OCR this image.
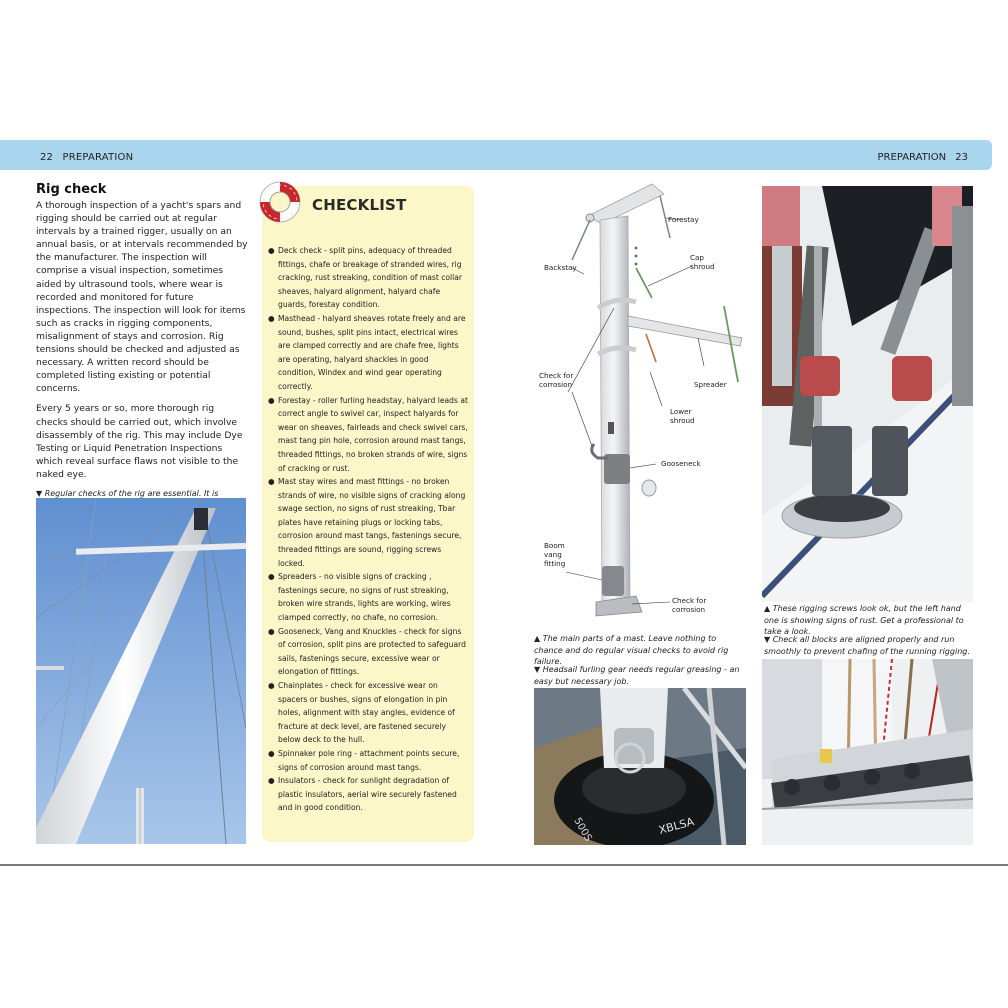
22 PREPARATION	PREPARATION 23
Rig check

A thorough inspection of a yacht's spars and rigging should be carried out at regular intervals by a trained rigger, usually on an annual basis, or at intervals recommended by the manufacturer. The inspection will comprise a visual inspection, sometimes aided by ultrasound tools, where wear is recorded and monitored for future inspections. The inspection will look for items such as cracks in rigging components, misalignment of stays and corrosion. Rig tensions should be checked and adjusted as necessary. A written record should be completed listing existing or potential concerns.

Every 5 years or so, more thorough rig checks should be carried out, which involve disassembly of the rig. This may include Dye Testing or Liquid Penetration Inspections which reveal surface flaws not visible to the naked eye.

▼ Regular checks of the rig are essential. It is

CHECKLIST
● Deck check - split pins, adequacy of threaded fittings, chafe or breakage of stranded wires, rig cracking, rust streaking, condition of mast collar sheaves, halyard alignment, halyard chafe guards, forestay condition.
● Masthead - halyard sheaves rotate freely and are sound, bushes, split pins intact, electrical wires are clamped correctly and are chafe free, lights are operating, halyard shackles in good condition, Windex and wind gear operating correctly.
● Forestay - roller furling headstay, halyard leads at correct angle to swivel car, inspect halyards for wear on sheaves, fairleads and check swivel cars, mast tang pin hole, corrosion around mast tangs, threaded fittings, no broken strands of wire, signs of cracking or rust.
● Mast stay wires and mast fittings - no broken strands of wire, no visible signs of cracking along swage section, no signs of rust streaking, Tbar plates have retaining plugs or locking tabs, corrosion around mast tangs, fastenings secure, threaded fittings are sound, rigging screws locked.
● Spreaders - no visible signs of cracking , fastenings secure, no signs of rust streaking, broken wire strands, lights are working, wires clamped correctly, no chafe, no corrosion.
● Gooseneck, Vang and Knuckles - check for signs of corrosion, split pins are protected to safeguard sails, fastenings secure, excessive wear or elongation of fittings.
● Chainplates - check for excessive wear on spacers or bushes, signs of elongation in pin holes, alignment with stay angles, evidence of fracture at deck level, are fastened securely below deck to the hull.
● Spinnaker pole ring - attachment points secure, signs of corrosion around mast tangs.
● Insulators - check for sunlight degradation of plastic insulators, aerial wire securely fastened and in good condition.
Forestay
Backstay
Cap
shroud
Spreader
Check for
corrosion
Lower
shroud
Gooseneck
Boom
vang
fitting
Check for
corrosion
▲ The main parts of a mast. Leave nothing to chance and do regular visual checks to avoid rig failure.
▼ Headsail furling gear needs regular greasing - an easy but necessary job.
XBLSA
500S
▲ These rigging screws look ok, but the left hand one is showing signs of rust. Get a professional to take a look.
▼ Check all blocks are aligned properly and run smoothly to prevent chafing of the running rigging.
